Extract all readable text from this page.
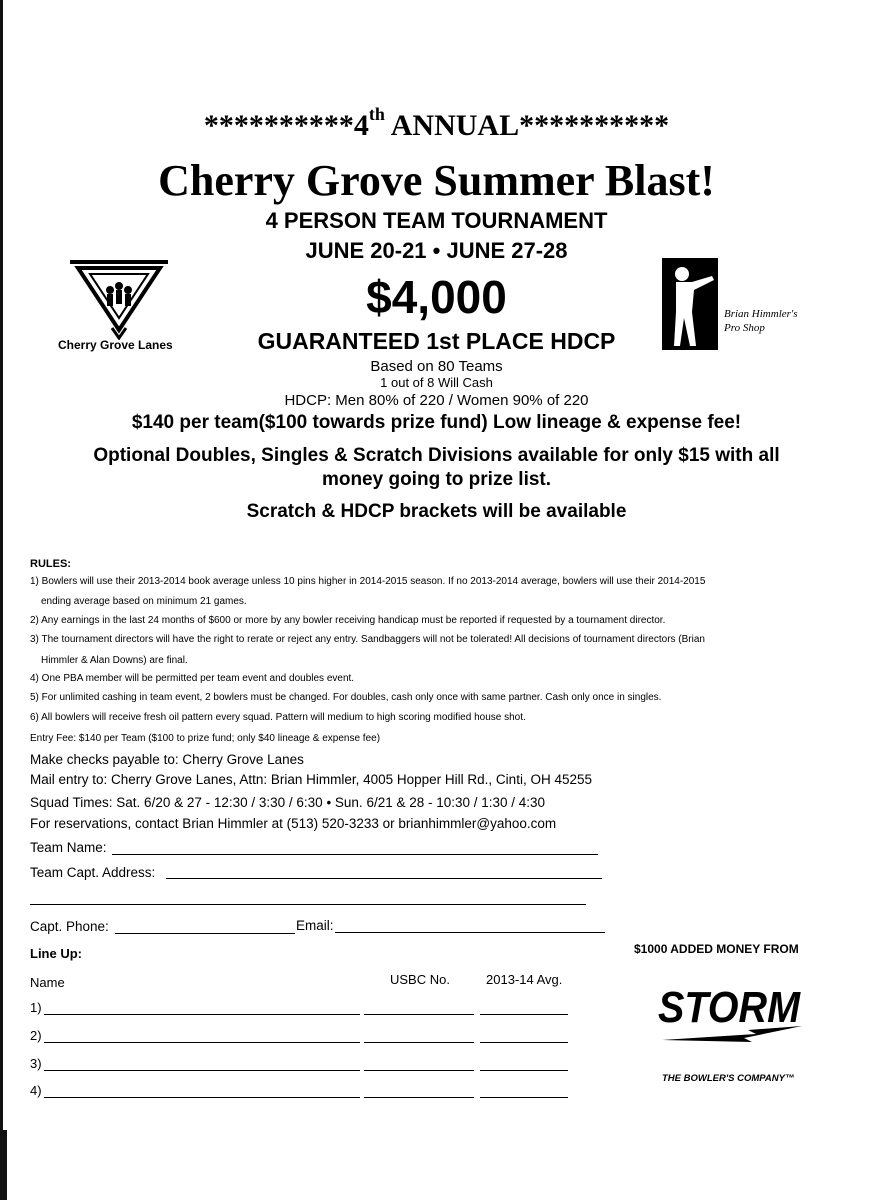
**********4th ANNUAL**********
Cherry Grove Summer Blast!
4 PERSON TEAM TOURNAMENT
JUNE 20-21 • JUNE 27-28
$4,000
GUARANTEED 1st PLACE HDCP
Based on 80 Teams
1 out of 8 Will Cash
HDCP: Men 80% of 220 / Women 90% of 220
$140 per team($100 towards prize fund) Low lineage & expense fee!
Optional Doubles, Singles & Scratch Divisions available for only $15 with all
money going to prize list.
Scratch & HDCP brackets will be available
Cherry Grove Lanes
Brian Himmler's
Pro Shop
RULES:
1) Bowlers will use their 2013-2014 book average unless 10 pins higher in 2014-2015 season. If no 2013-2014 average, bowlers will use their 2014-2015
ending average based on minimum 21 games.
2) Any earnings in the last 24 months of $600 or more by any bowler receiving handicap must be reported if requested by a tournament director.
3) The tournament directors will have the right to rerate or reject any entry. Sandbaggers will not be tolerated! All decisions of tournament directors (Brian
Himmler & Alan Downs) are final.
4) One PBA member will be permitted per team event and doubles event.
5) For unlimited cashing in team event, 2 bowlers must be changed. For doubles, cash only once with same partner. Cash only once in singles.
6) All bowlers will receive fresh oil pattern every squad. Pattern will medium to high scoring modified house shot.
Entry Fee: $140 per Team ($100 to prize fund; only $40 lineage & expense fee)
Make checks payable to: Cherry Grove Lanes
Mail entry to: Cherry Grove Lanes, Attn: Brian Himmler, 4005 Hopper Hill Rd., Cinti, OH 45255
Squad Times: Sat. 6/20 & 27 - 12:30 / 3:30 / 6:30 • Sun. 6/21 & 28 - 10:30 / 1:30 / 4:30
For reservations, contact Brian Himmler at (513) 520-3233 or brianhimmler@yahoo.com
Team Name:
Team Capt. Address:
Capt. Phone:	Email:
Line Up:
Name	USBC No.	2013-14 Avg.
1)
2)
3)
4)
$1000 ADDED MONEY FROM
STORM
THE BOWLER'S COMPANY™
